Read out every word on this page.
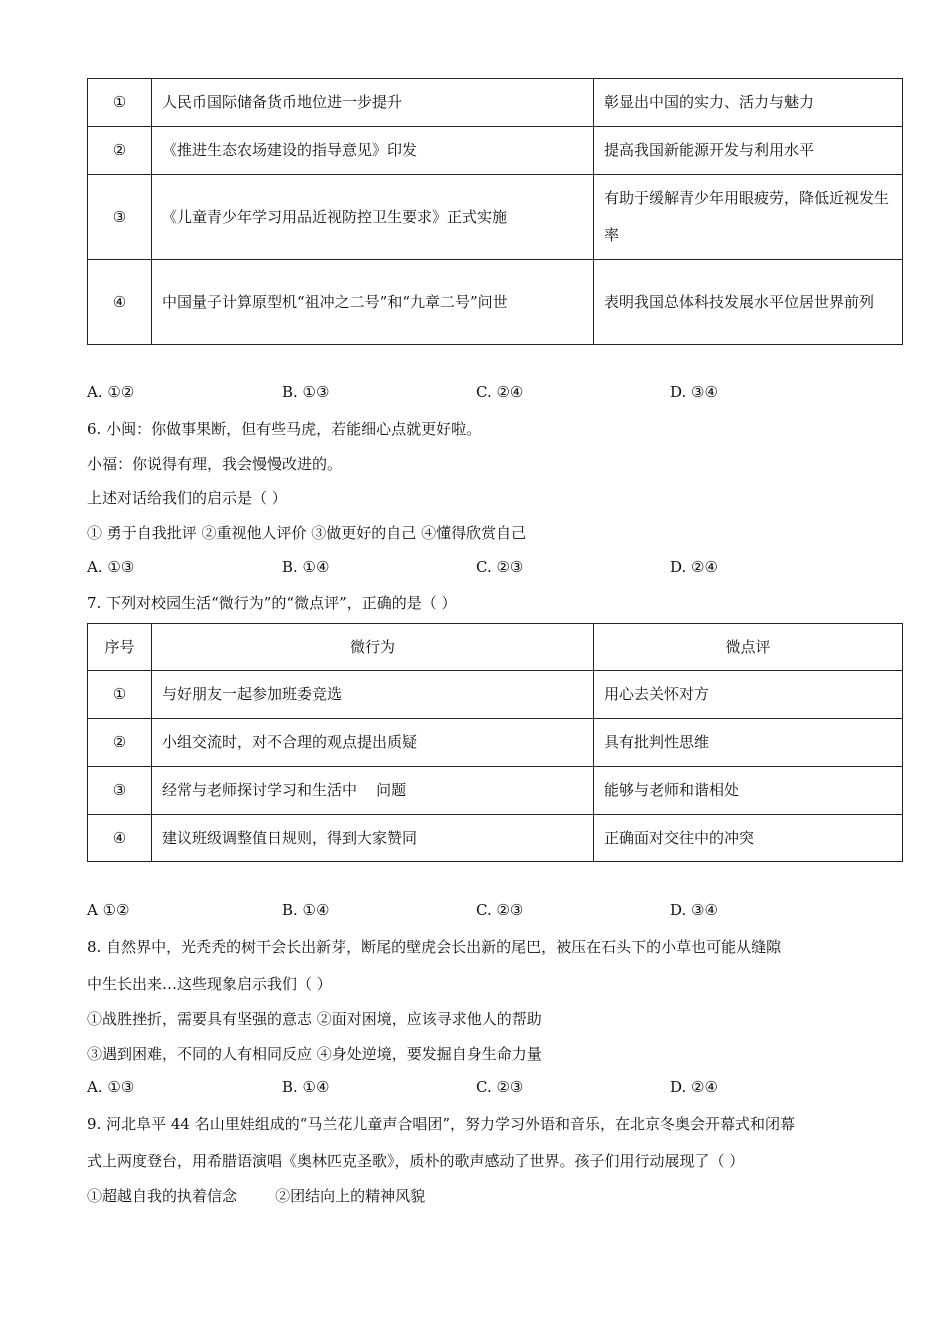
①	人民币国际储备货币地位进一步提升	彰显出中国的实力、活力与魅力
②	《推进生态农场建设的指导意见》印发	提高我国新能源开发与利用水平
③	《儿童青少年学习用品近视防控卫生要求》正式实施	有助于缓解青少年用眼疲劳，降低近视发生率
④	中国量子计算原型机“祖冲之二号”和“九章二号”问世	表明我国总体科技发展水平位居世界前列
A. ①②	B. ①③	C. ②④	D. ③④
6. 小闽：你做事果断，但有些马虎，若能细心点就更好啦。
小福：你说得有理，我会慢慢改进的。
上述对话给我们的启示是（ ）
① 勇于自我批评 ②重视他人评价 ③做更好的自己 ④懂得欣赏自己
A. ①③	B. ①④	C. ②③	D. ②④
7. 下列对校园生活“微行为”的“微点评”，正确的是（ ）
序号	微行为	微点评
①	与好朋友一起参加班委竞选	用心去关怀对方
②	小组交流时，对不合理的观点提出质疑	具有批判性思维
③	经常与老师探讨学习和生活中    问题	能够与老师和谐相处
④	建议班级调整值日规则，得到大家赞同	正确面对交往中的冲突
A ①②	B. ①④	C. ②③	D. ③④
8. 自然界中，光秃秃的树干会长出新芽，断尾的壁虎会长出新的尾巴，被压在石头下的小草也可能从缝隙
中生长出来…这些现象启示我们（ ）
①战胜挫折，需要具有坚强的意志 ②面对困境，应该寻求他人的帮助
③遇到困难，不同的人有相同反应 ④身处逆境，要发掘自身生命力量
A. ①③	B. ①④	C. ②③	D. ②④
9. 河北阜平 44 名山里娃组成的“马兰花儿童声合唱团”，努力学习外语和音乐，在北京冬奥会开幕式和闭幕
式上两度登台，用希腊语演唱《奥林匹克圣歌》，质朴的歌声感动了世界。孩子们用行动展现了（ ）
①超越自我的执着信念        ②团结向上的精神风貌
